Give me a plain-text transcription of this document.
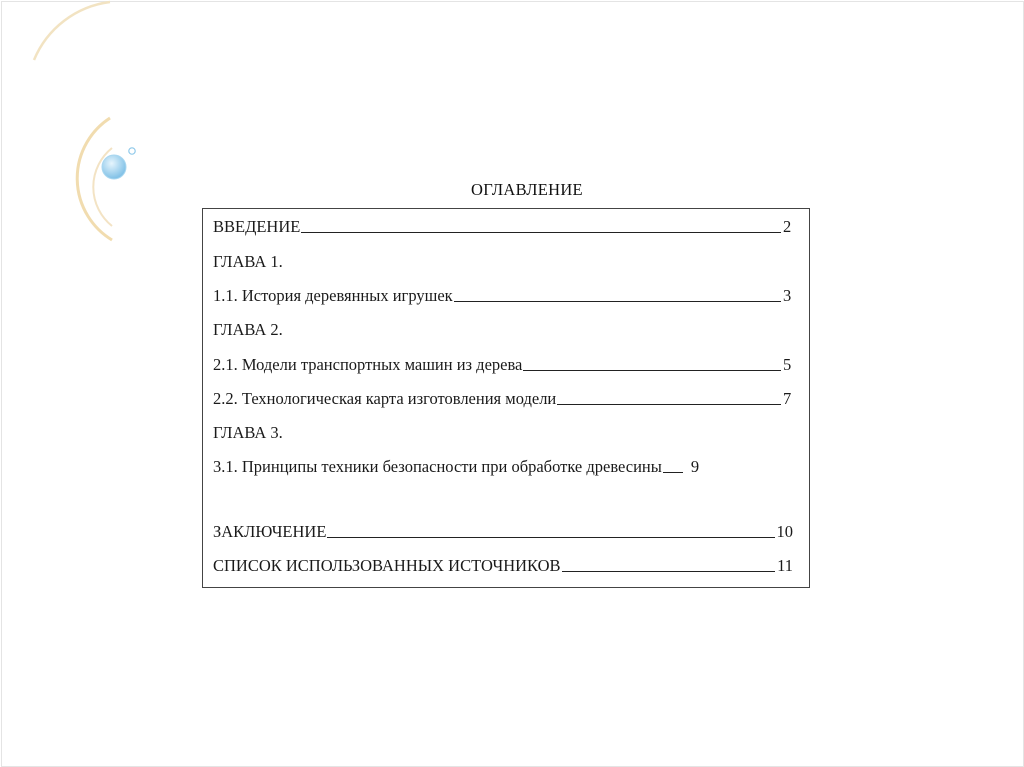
ОГЛАВЛЕНИЕ
ВВЕДЕНИЕ	2
ГЛАВА 1.
1.1. История деревянных игрушек	3
ГЛАВА 2.
2.1. Модели транспортных машин из дерева	5
2.2. Технологическая карта изготовления модели	7
ГЛАВА 3.
3.1. Принципы техники безопасности при обработке древесины 9
ЗАКЛЮЧЕНИЕ	10
СПИСОК ИСПОЛЬЗОВАННЫХ ИСТОЧНИКОВ	11
